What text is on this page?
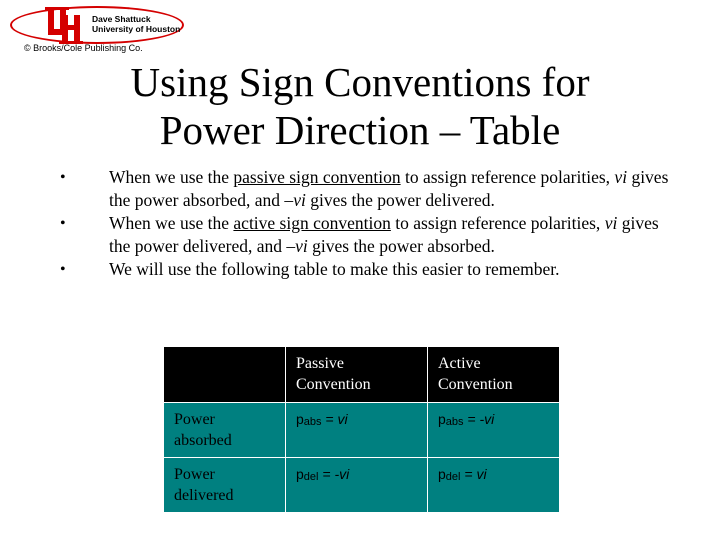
Dave Shattuck
University of Houston
© Brooks/Cole Publishing Co.
Using Sign Conventions for Power Direction – Table
• When we use the passive sign convention to assign reference polarities, vi gives the power absorbed, and –vi gives the power delivered.
• When we use the active sign convention to assign reference polarities, vi gives the power delivered, and –vi gives the power absorbed.
• We will use the following table to make this easier to remember.
	Passive Convention	Active Convention
Power absorbed	pabs = vi	pabs = -vi
Power delivered	pdel = -vi	pdel = vi
